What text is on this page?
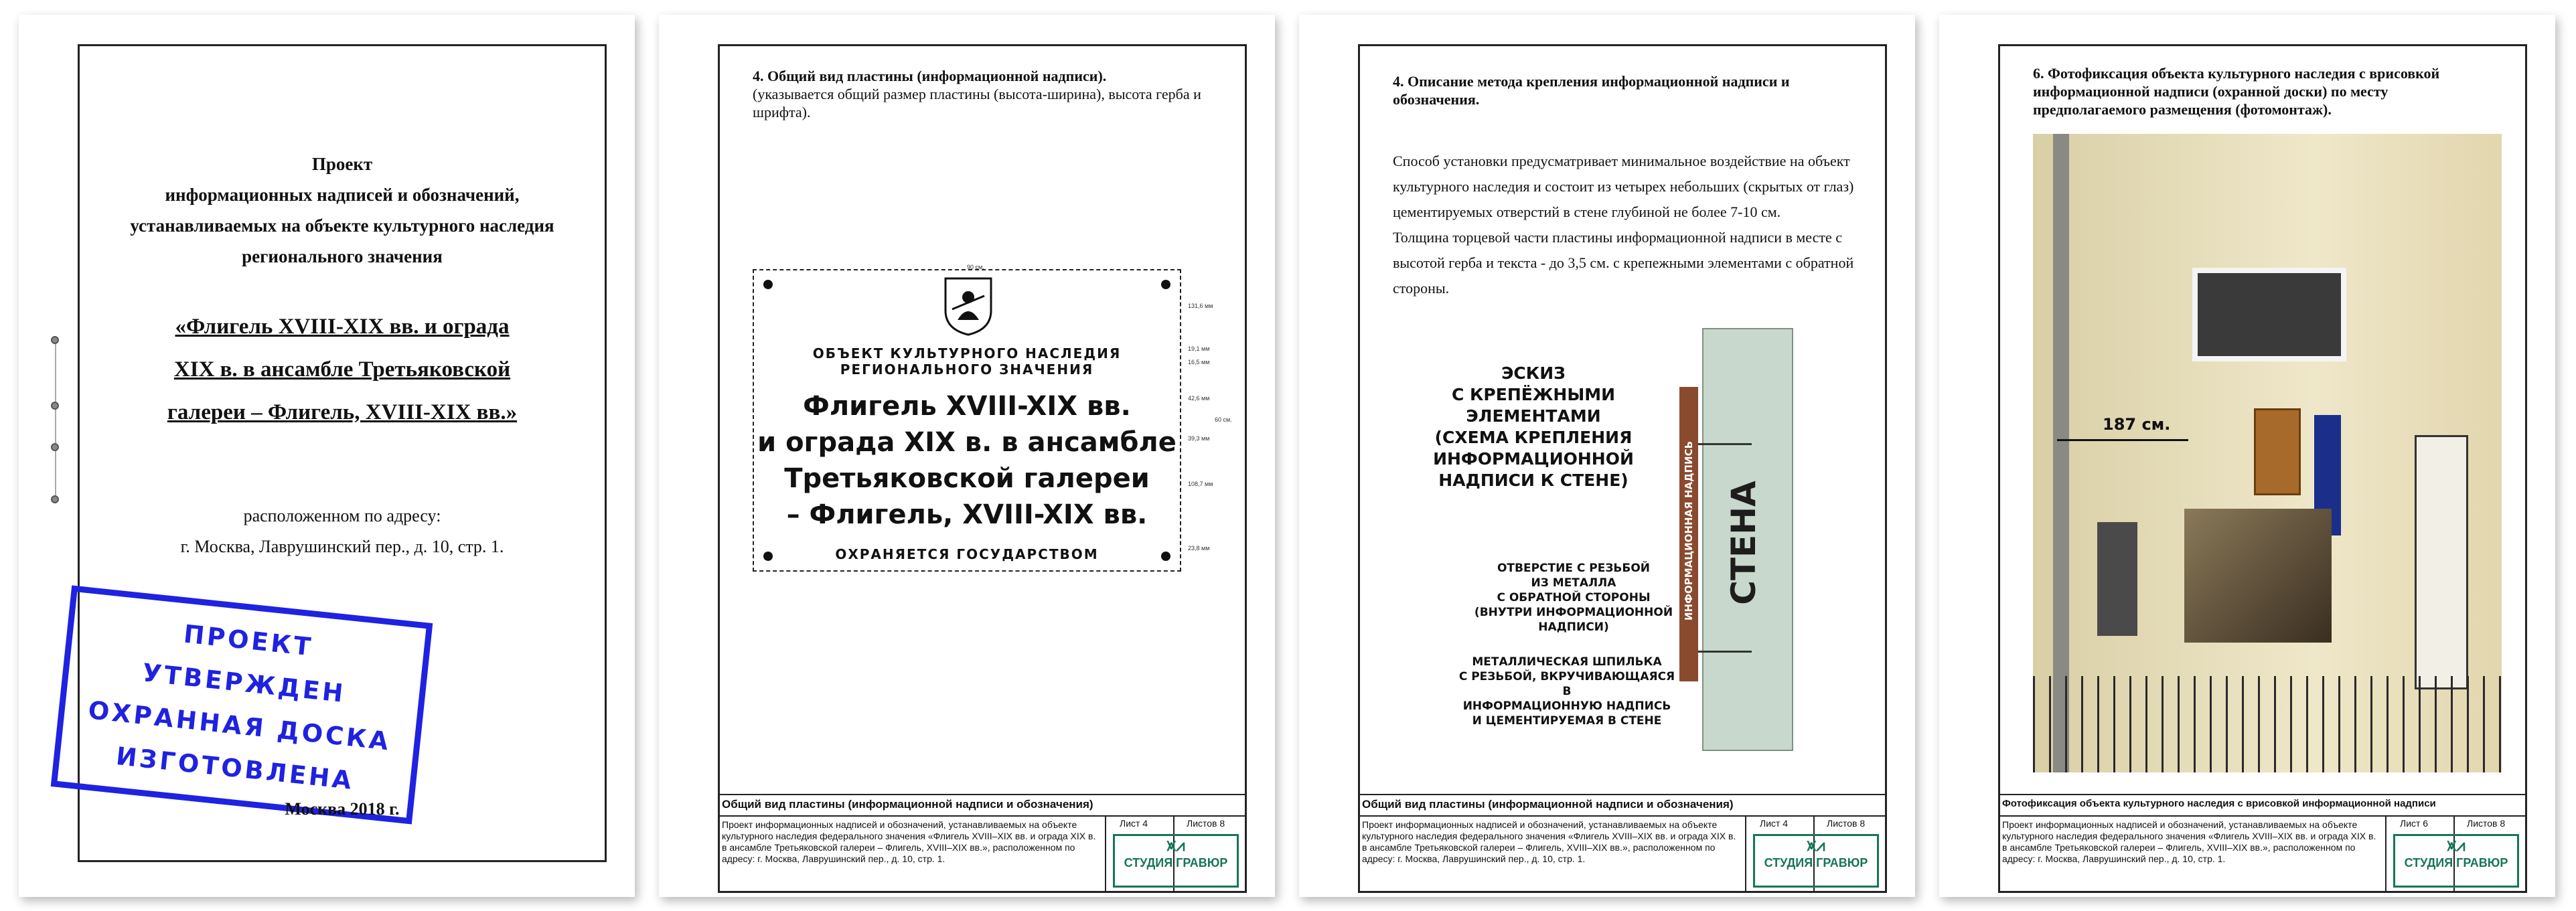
Проект
информационных надписей и обозначений,
устанавливаемых на объекте культурного наследия
регионального значения
«Флигель XVIII-XIX вв. и ограда
XIX в. в ансамбле Третьяковской
галереи – Флигель, XVIII-XIX вв.»
расположенном по адресу:
г. Москва, Лаврушинский пер., д. 10, стр. 1.
ПРОЕКТ УТВЕРЖДЕН
ОХРАННАЯ ДОСКА
ИЗГОТОВЛЕНА
Москва 2018 г.
4. Общий вид пластины (информационной надписи).
(указывается общий размер пластины (высота-ширина), высота герба и шрифта).
90 см.
ОБЪЕКТ КУЛЬТУРНОГО НАСЛЕДИЯ
РЕГИОНАЛЬНОГО ЗНАЧЕНИЯ
Флигель XVIII-XIX вв.
и ограда XIX в. в ансамбле
Третьяковской галереи
– Флигель, XVIII-XIX вв.
ОХРАНЯЕТСЯ ГОСУДАРСТВОМ
60 см.
131,6 мм
19,1 мм
16,5 мм
42,6 мм
39,3 мм
108,7 мм
23,8 мм
Общий вид пластины (информационной надписи и обозначения)
Проект информационных надписей и обозначений, устанавливаемых на объекте культурного наследия федерального значения «Флигель XVIII–XIX вв. и ограда XIX в. в ансамбле Третьяковской галереи – Флигель, XVIII–XIX вв.», расположенном по адресу: г. Москва, Лаврушинский пер., д. 10, стр. 1.
Лист 4	Листов 8
⩙⩘
СТУДИЯ ГРАВЮР
4. Описание метода крепления информационной надписи и обозначения.
Способ установки предусматривает минимальное воздействие на объект культурного наследия и состоит из четырех небольших (скрытых от глаз) цементируемых отверстий в стене глубиной не более 7-10 см.
Толщина торцевой части пластины информационной надписи в месте с высотой герба и текста - до 3,5 см. с крепежными элементами с обратной стороны.
ЭСКИЗ
С КРЕПЁЖНЫМИ
ЭЛЕМЕНТАМИ
(СХЕМА КРЕПЛЕНИЯ
ИНФОРМАЦИОННОЙ
НАДПИСИ К СТЕНЕ)
СТЕНА
ИНФОРМАЦИОННАЯ НАДПИСЬ
ОТВЕРСТИЕ С РЕЗЬБОЙ
ИЗ МЕТАЛЛА
С ОБРАТНОЙ СТОРОНЫ
(ВНУТРИ ИНФОРМАЦИОННОЙ
НАДПИСИ)
МЕТАЛЛИЧЕСКАЯ ШПИЛЬКА
С РЕЗЬБОЙ, ВКРУЧИВАЮЩАЯСЯ В
ИНФОРМАЦИОННУЮ НАДПИСЬ
И ЦЕМЕНТИРУЕМАЯ В СТЕНЕ
Общий вид пластины (информационной надписи и обозначения)
Проект информационных надписей и обозначений, устанавливаемых на объекте культурного наследия федерального значения «Флигель XVIII–XIX вв. и ограда XIX в. в ансамбле Третьяковской галереи – Флигель, XVIII–XIX вв.», расположенном по адресу: г. Москва, Лаврушинский пер., д. 10, стр. 1.
Лист 4	Листов 8
⩙⩘
СТУДИЯ ГРАВЮР
6. Фотофиксация объекта культурного наследия с врисовкой информационной надписи (охранной доски) по месту предполагаемого размещения (фотомонтаж).
187 см.
Фотофиксация объекта культурного наследия с врисовкой информационной надписи
Проект информационных надписей и обозначений, устанавливаемых на объекте культурного наследия федерального значения «Флигель XVIII–XIX вв. и ограда XIX в. в ансамбле Третьяковской галереи – Флигель, XVIII–XIX вв.», расположенном по адресу: г. Москва, Лаврушинский пер., д. 10, стр. 1.
Лист 6	Листов 8
⩙⩘
СТУДИЯ ГРАВЮР
